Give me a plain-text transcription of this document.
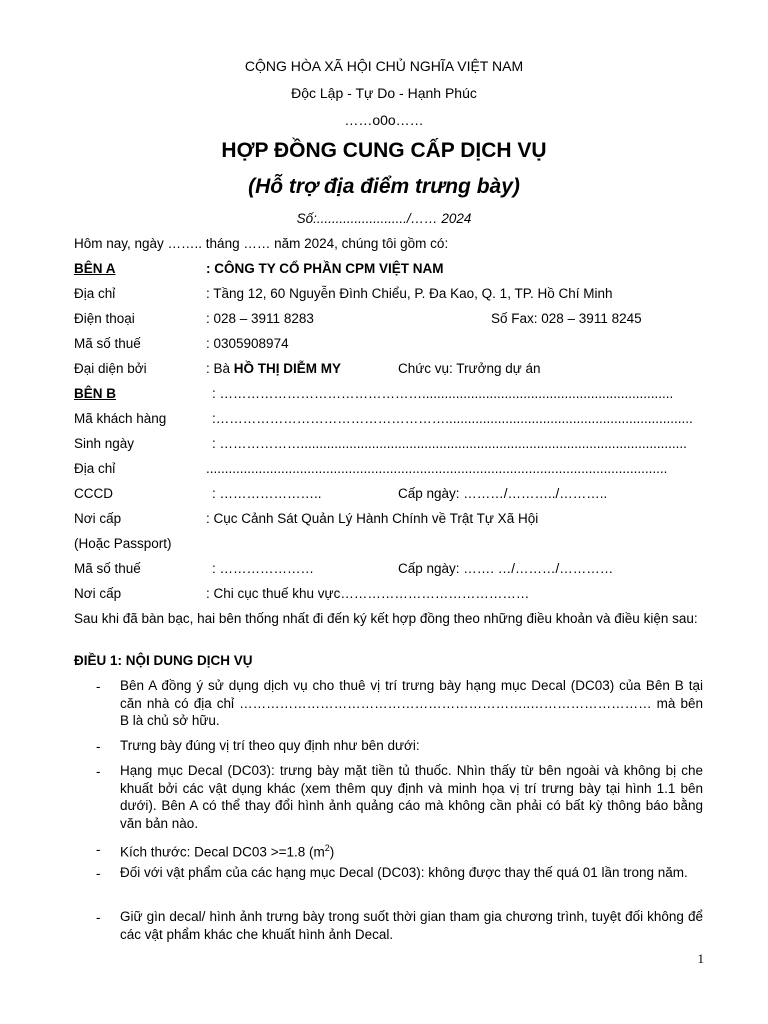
CỘNG HÒA XÃ HỘI CHỦ NGHĨA VIỆT NAM
Độc Lập - Tự Do - Hạnh Phúc
……o0o……
HỢP ĐỒNG CUNG CẤP DỊCH VỤ
(Hỗ trợ địa điểm trưng bày)
Số:......................../…… 2024
Hôm nay, ngày …….. tháng …… năm 2024, chúng tôi gồm có:
BÊN A	: CÔNG TY CỔ PHẦN CPM VIỆT NAM
Địa chỉ	: Tầng 12, 60 Nguyễn Đình Chiểu, P. Đa Kao, Q. 1, TP. Hồ Chí Minh
Điện thoại	: 028 – 3911 8283	Số Fax: 028 – 3911 8245
Mã số thuế	: 0305908974
Đại diện bởi	: Bà HỒ THỊ DIỄM MY	Chức vụ: Trưởng dự án
BÊN B	: ………………………………………...................................................................
Mã khách hàng	:……………………………………………..................................................................
Sinh ngày	: ……………….......................................................................................................
Địa chỉ	...........................................................................................................................
CCCD	: …………………..	Cấp ngày: ………/………../………..
Nơi cấp	: Cục Cảnh Sát Quản Lý Hành Chính về Trật Tự Xã Hội
(Hoặc Passport)
Mã số thuế	: …………………	Cấp ngày: ……. …/………/…………
Nơi cấp	: Chi cục thuế khu vực……………………………………
Sau khi đã bàn bạc, hai bên thống nhất đi đến ký kết hợp đồng theo những điều khoản và điều kiện sau:
ĐIỀU 1: NỘI DUNG DỊCH VỤ
- Bên A đồng ý sử dụng dịch vụ cho thuê vị trí trưng bày hạng mục Decal (DC03) của Bên B tại căn nhà có địa chỉ ………………………………………………………..……………………… mà bên B là chủ sở hữu.
- Trưng bày đúng vị trí theo quy định như bên dưới:
- Hạng mục Decal (DC03): trưng bày mặt tiền tủ thuốc. Nhìn thấy từ bên ngoài và không bị che khuất bởi các vật dụng khác (xem thêm quy định và minh họa vị trí trưng bày tại hình 1.1 bên dưới). Bên A có thể thay đổi hình ảnh quảng cáo mà không cần phải có bất kỳ thông báo bằng văn bản nào.
- Kích thước: Decal DC03 >=1.8 $(m^2)$
- Đối với vật phẩm của các hạng mục Decal (DC03): không được thay thế quá 01 lần trong năm.
- Giữ gìn decal/ hình ảnh trưng bày trong suốt thời gian tham gia chương trình, tuyệt đối không để các vật phẩm khác che khuất hình ảnh Decal.
1
